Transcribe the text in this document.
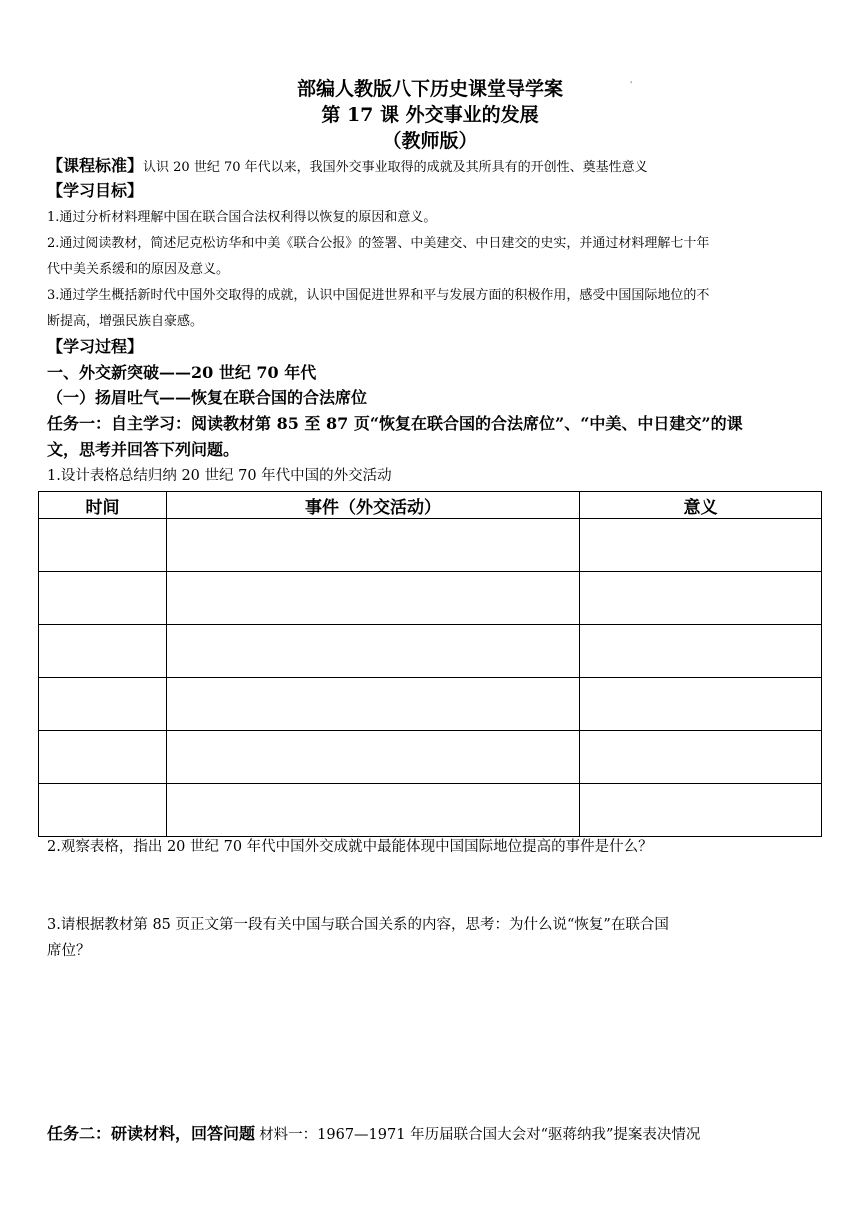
部编人教版八下历史课堂导学案	'
第 17 课 外交事业的发展
（教师版）
【课程标准】认识 20 世纪 70 年代以来，我国外交事业取得的成就及其所具有的开创性、奠基性意义
【学习目标】
1.通过分析材料理解中国在联合国合法权利得以恢复的原因和意义。
2.通过阅读教材，简述尼克松访华和中美《联合公报》的签署、中美建交、中日建交的史实，并通过材料理解七十年
代中美关系缓和的原因及意义。
3.通过学生概括新时代中国外交取得的成就，认识中国促进世界和平与发展方面的积极作用，感受中国国际地位的不
断提高，增强民族自豪感。
【学习过程】
一、外交新突破——20 世纪 70 年代
（一）扬眉吐气——恢复在联合国的合法席位
任务一：自主学习：阅读教材第 85 至 87 页“恢复在联合国的合法席位”、“中美、中日建交”的课
文，思考并回答下列问题。
1.设计表格总结归纳 20 世纪 70 年代中国的外交活动
时间	事件（外交活动）	意义

2.观察表格，指出 20 世纪 70 年代中国外交成就中最能体现中国国际地位提高的事件是什么？
3.请根据教材第 85 页正文第一段有关中国与联合国关系的内容，思考：为什么说“恢复”在联合国
席位？
任务二：研读材料，回答问题 材料一：1967—1971 年历届联合国大会对“驱蒋纳我”提案表决情况
